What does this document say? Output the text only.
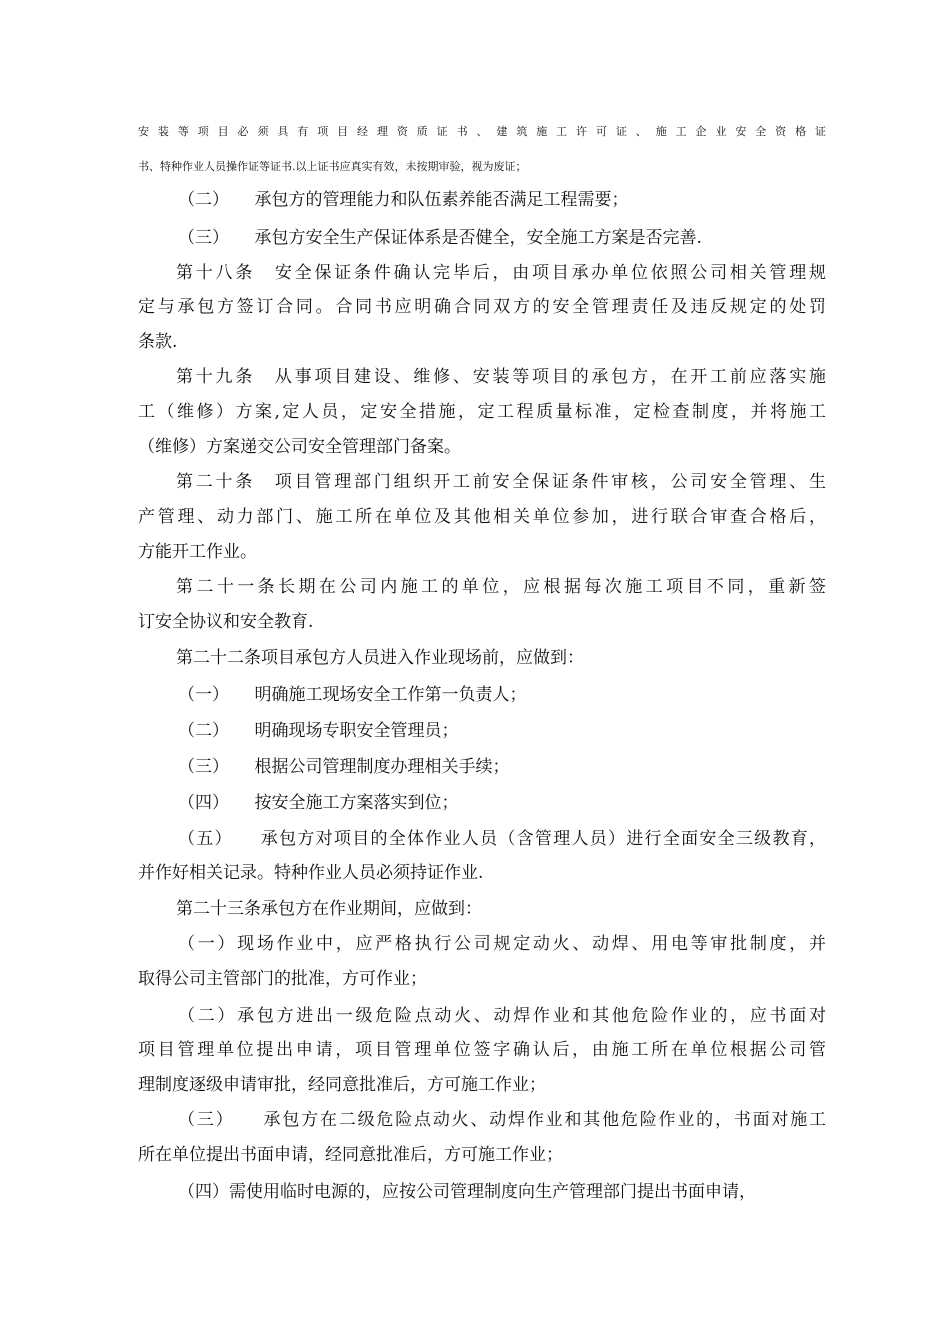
安装等项目必须具有项目经理资质证书、建筑施工许可证、施工企业安全资格证
书、特种作业人员操作证等证书.以上证书应真实有效，未按期审验，视为废证；
（二）　　承包方的管理能力和队伍素养能否满足工程需要；
（三）　　承包方安全生产保证体系是否健全，安全施工方案是否完善.
第十八条　安全保证条件确认完毕后，由项目承办单位依照公司相关管理规
定与承包方签订合同。合同书应明确合同双方的安全管理责任及违反规定的处罚
条款.
第十九条　从事项目建设、维修、安装等项目的承包方，在开工前应落实施
工（维修）方案,定人员，定安全措施，定工程质量标准，定检查制度，并将施工
（维修）方案递交公司安全管理部门备案。
第二十条　项目管理部门组织开工前安全保证条件审核，公司安全管理、生
产管理、动力部门、施工所在单位及其他相关单位参加，进行联合审查合格后，
方能开工作业。
第二十一条长期在公司内施工的单位，应根据每次施工项目不同，重新签
订安全协议和安全教育.
第二十二条项目承包方人员进入作业现场前，应做到：
（一）　　明确施工现场安全工作第一负责人；
（二）　　明确现场专职安全管理员；
（三）　　根据公司管理制度办理相关手续；
（四）　　按安全施工方案落实到位；
（五）　　承包方对项目的全体作业人员（含管理人员）进行全面安全三级教育，
并作好相关记录。特种作业人员必须持证作业.
第二十三条承包方在作业期间，应做到：
（一）现场作业中，应严格执行公司规定动火、动焊、用电等审批制度，并
取得公司主管部门的批准，方可作业；
（二）承包方进出一级危险点动火、动焊作业和其他危险作业的，应书面对
项目管理单位提出申请，项目管理单位签字确认后，由施工所在单位根据公司管
理制度逐级申请审批，经同意批准后，方可施工作业；
（三）　　承包方在二级危险点动火、动焊作业和其他危险作业的，书面对施工
所在单位提出书面申请，经同意批准后，方可施工作业；
（四）需使用临时电源的，应按公司管理制度向生产管理部门提出书面申请，
